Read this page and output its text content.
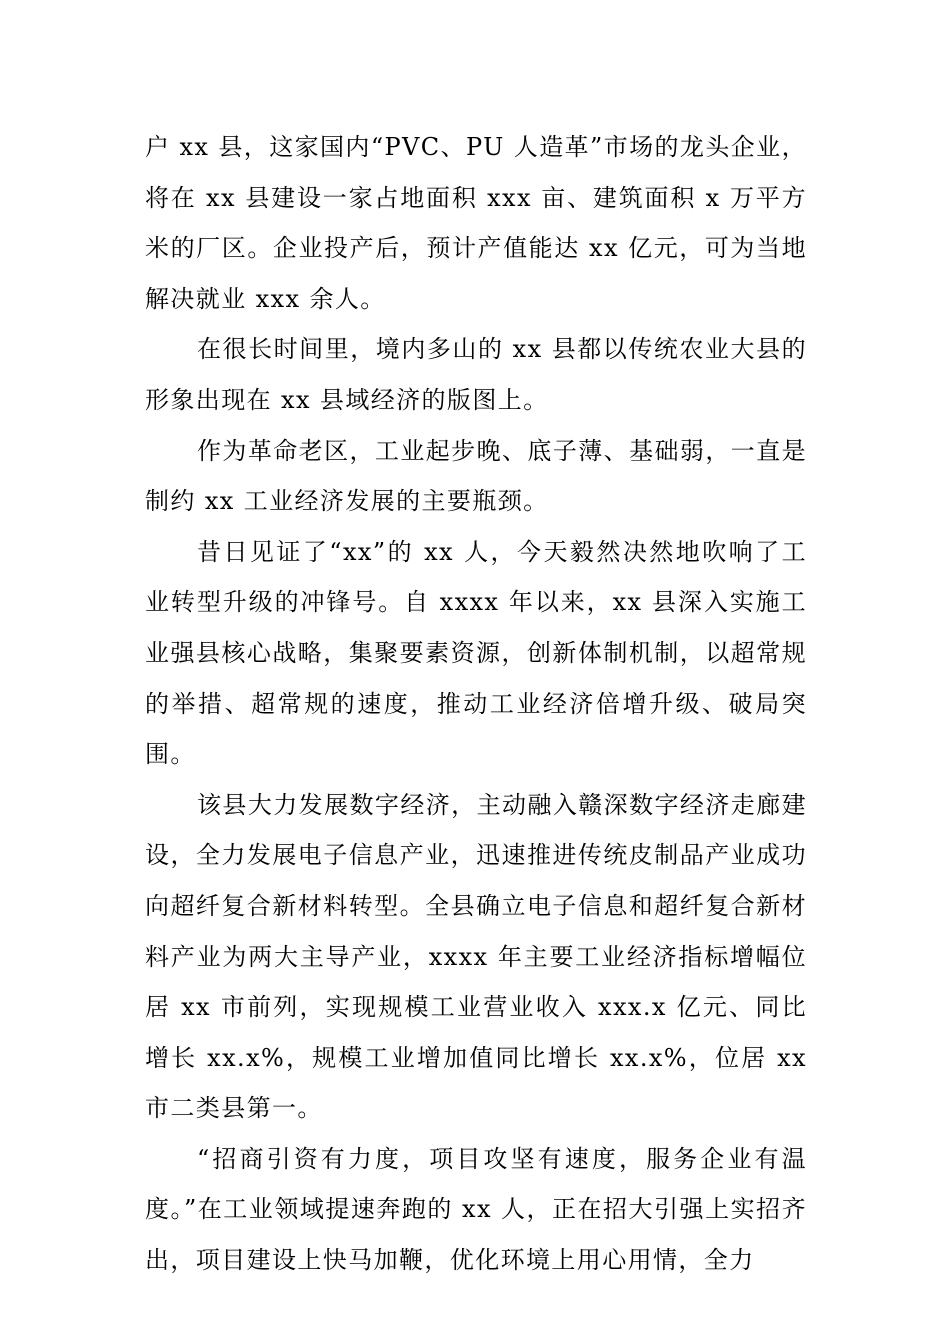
户 xx 县，这家国内“PVC、PU 人造革”市场的龙头企业，将在 xx 县建设一家占地面积 xxx 亩、建筑面积 x 万平方米的厂区。企业投产后，预计产值能达 xx 亿元，可为当地解决就业 xxx 余人。

在很长时间里，境内多山的 xx 县都以传统农业大县的形象出现在 xx 县域经济的版图上。

作为革命老区，工业起步晚、底子薄、基础弱，一直是制约 xx 工业经济发展的主要瓶颈。

昔日见证了“xx”的 xx 人，今天毅然决然地吹响了工业转型升级的冲锋号。自 xxxx 年以来，xx 县深入实施工业强县核心战略，集聚要素资源，创新体制机制，以超常规的举措、超常规的速度，推动工业经济倍增升级、破局突围。

该县大力发展数字经济，主动融入赣深数字经济走廊建设，全力发展电子信息产业，迅速推进传统皮制品产业成功向超纤复合新材料转型。全县确立电子信息和超纤复合新材料产业为两大主导产业，xxxx 年主要工业经济指标增幅位居 xx 市前列，实现规模工业营业收入 xxx.x 亿元、同比增长 xx.x%，规模工业增加值同比增长 xx.x%，位居 xx 市二类县第一。

“招商引资有力度，项目攻坚有速度，服务企业有温度。”在工业领域提速奔跑的 xx 人，正在招大引强上实招齐出，项目建设上快马加鞭，优化环境上用心用情，全力
